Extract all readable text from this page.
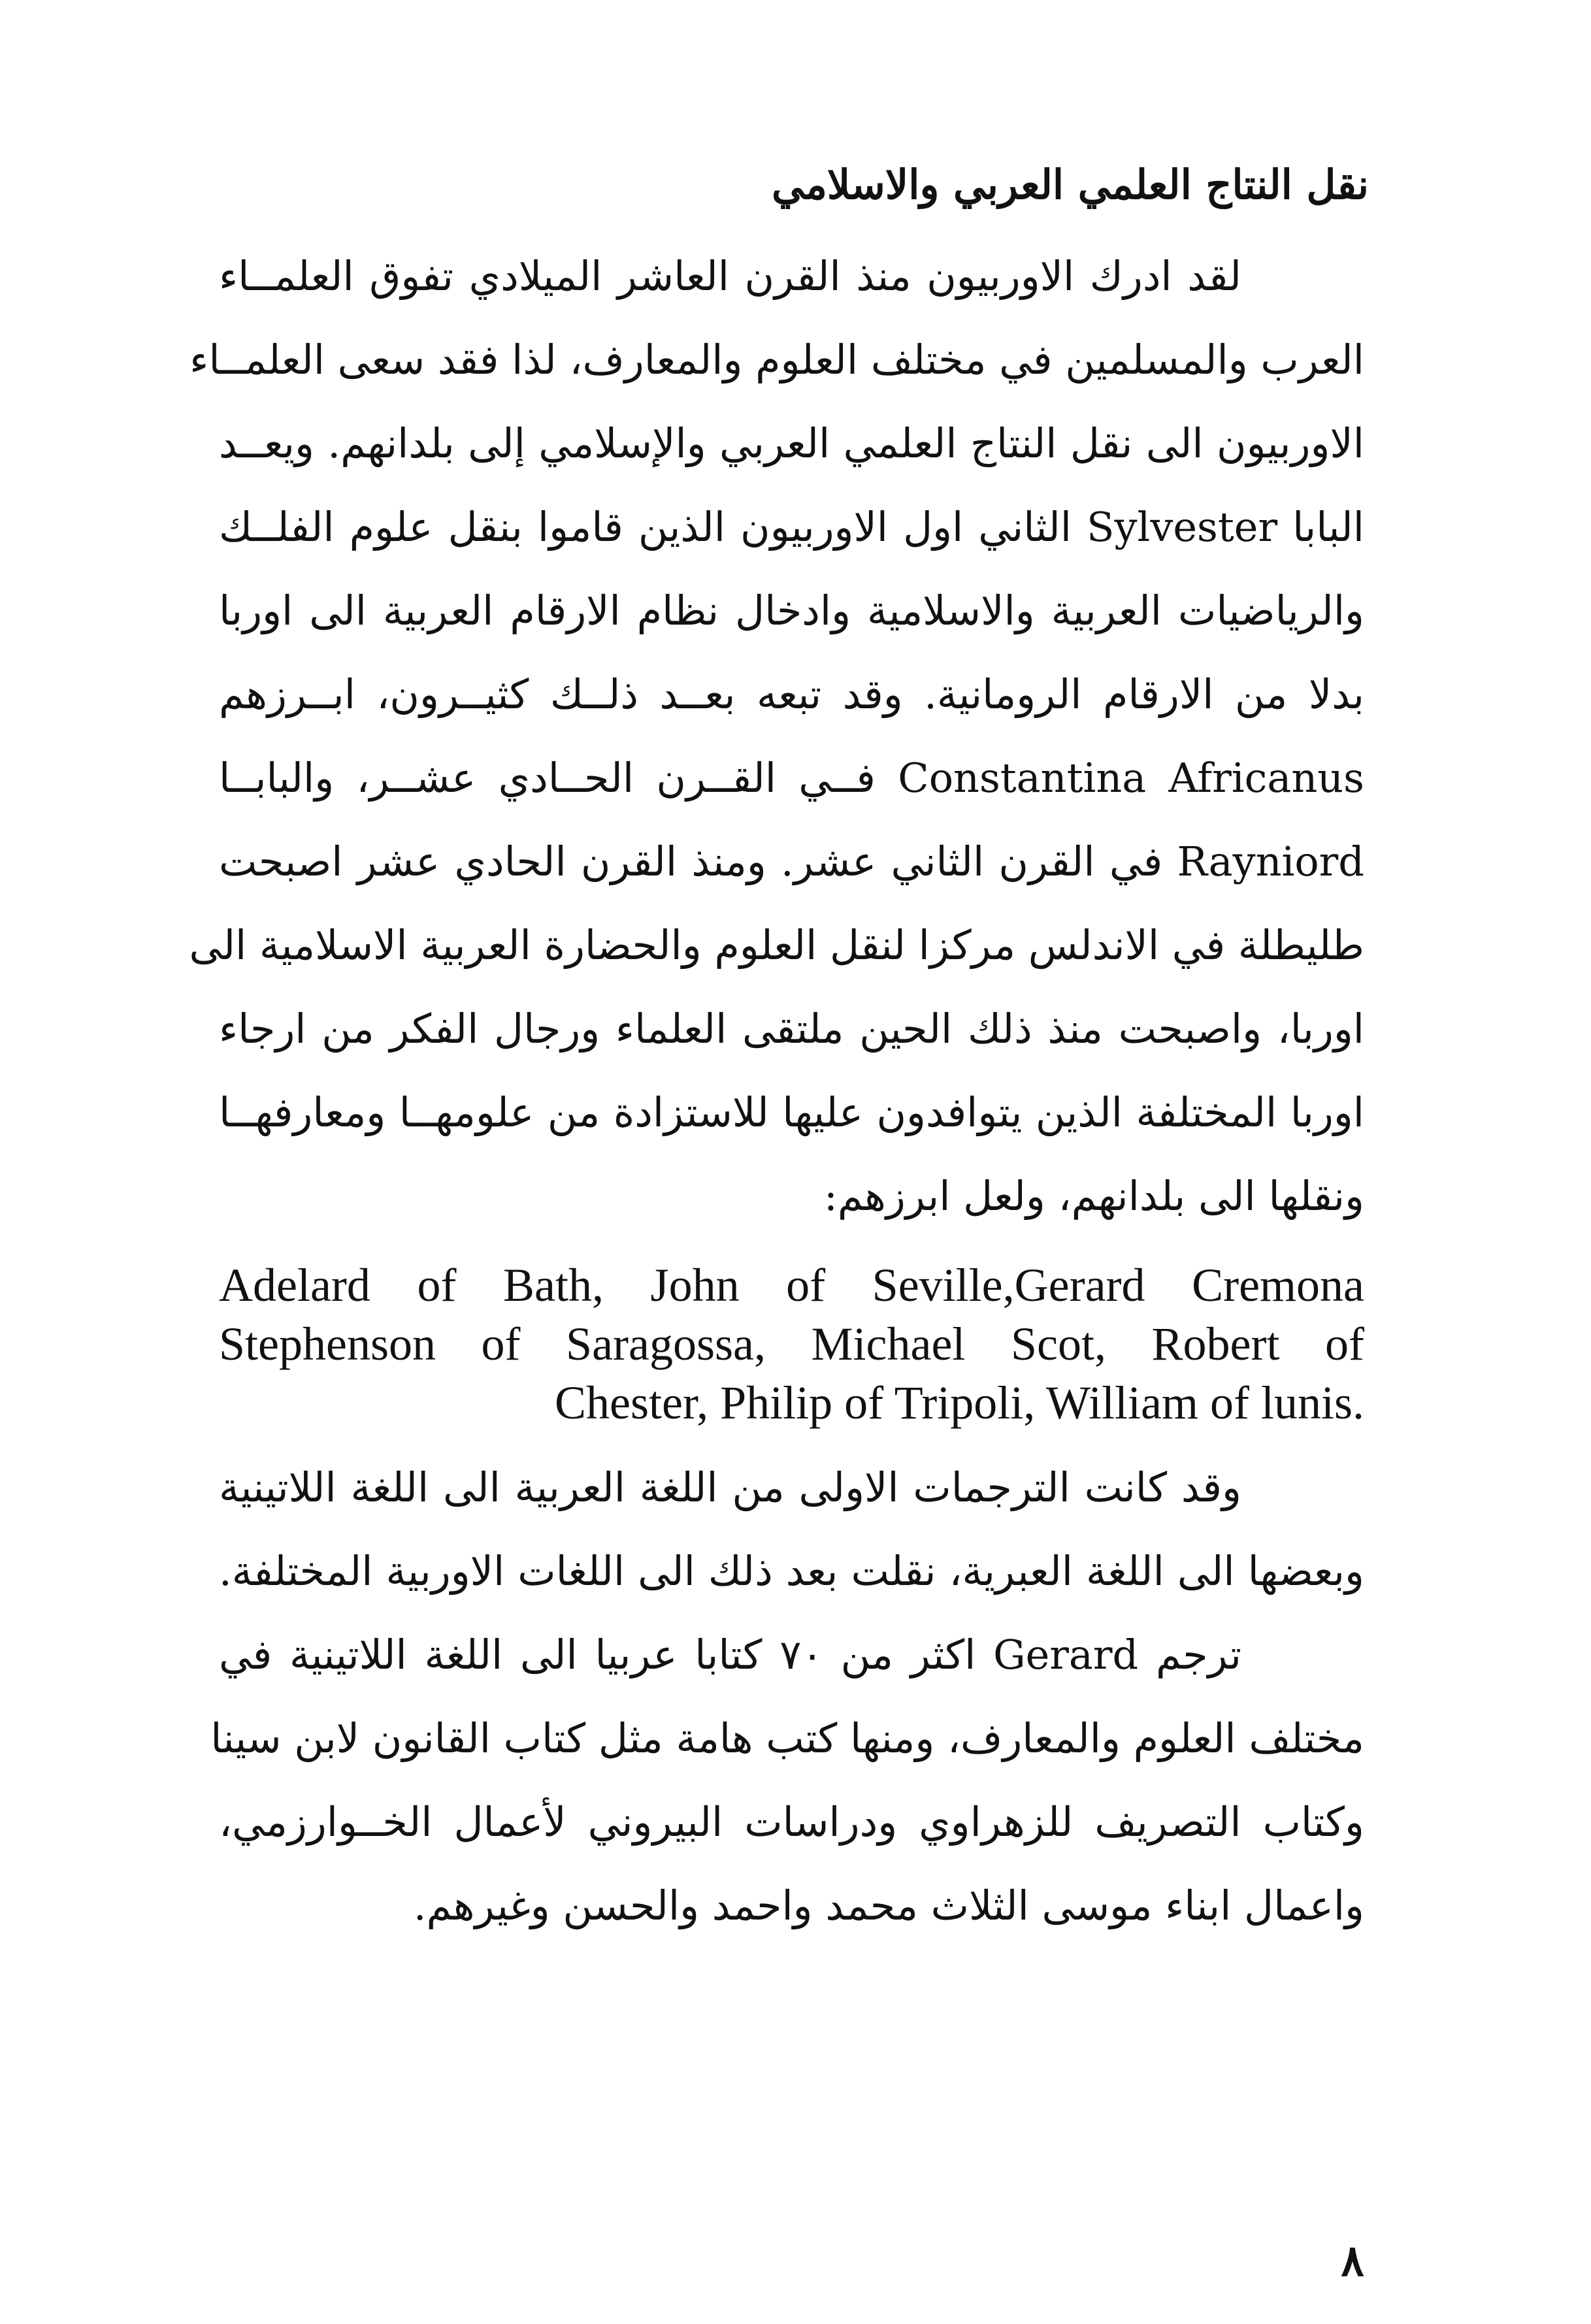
نقل النتاج العلمي العربي والاسلامي
لقد ادرك الاوربيون منذ القرن العاشر الميلادي تفوق العلمــاء
العرب والمسلمين في مختلف العلوم والمعارف، لذا فقد سعى العلمــاء
الاوربيون الى نقل النتاج العلمي العربي والإسلامي إلى بلدانهم. ويعــد
البابا Sylvester الثاني اول الاوربيون الذين قاموا بنقل علوم الفلــك
والرياضيات العربية والاسلامية وادخال نظام الارقام العربية الى اوربا
بدلا من الارقام الرومانية. وقد تبعه بعــد ذلــك كثيــرون، ابــرزهم
Constantina Africanus فــي القــرن الحــادي عشــر، والبابــا
Rayniord في القرن الثاني عشر. ومنذ القرن الحادي عشر اصبحت
طليطلة في الاندلس مركزا لنقل العلوم والحضارة العربية الاسلامية الى
اوربا، واصبحت منذ ذلك الحين ملتقى العلماء ورجال الفكر من ارجاء
اوربا المختلفة الذين يتوافدون عليها للاستزادة من علومهــا ومعارفهــا
ونقلها الى بلدانهم، ولعل ابرزهم:
Adelard of Bath, John of Seville,Gerard Cremona
Stephenson of Saragossa, Michael Scot, Robert of
Chester, Philip of Tripoli, William of lunis.
وقد كانت الترجمات الاولى من اللغة العربية الى اللغة اللاتينية
وبعضها الى اللغة العبرية، نقلت بعد ذلك الى اللغات الاوربية المختلفة.
ترجم Gerard اكثر من ٧٠ كتابا عربيا الى اللغة اللاتينية في
مختلف العلوم والمعارف، ومنها كتب هامة مثل كتاب القانون لابن سينا
وكتاب التصريف للزهراوي ودراسات البيروني لأعمال الخــوارزمي،
واعمال ابناء موسى الثلاث محمد واحمد والحسن وغيرهم.
٨
